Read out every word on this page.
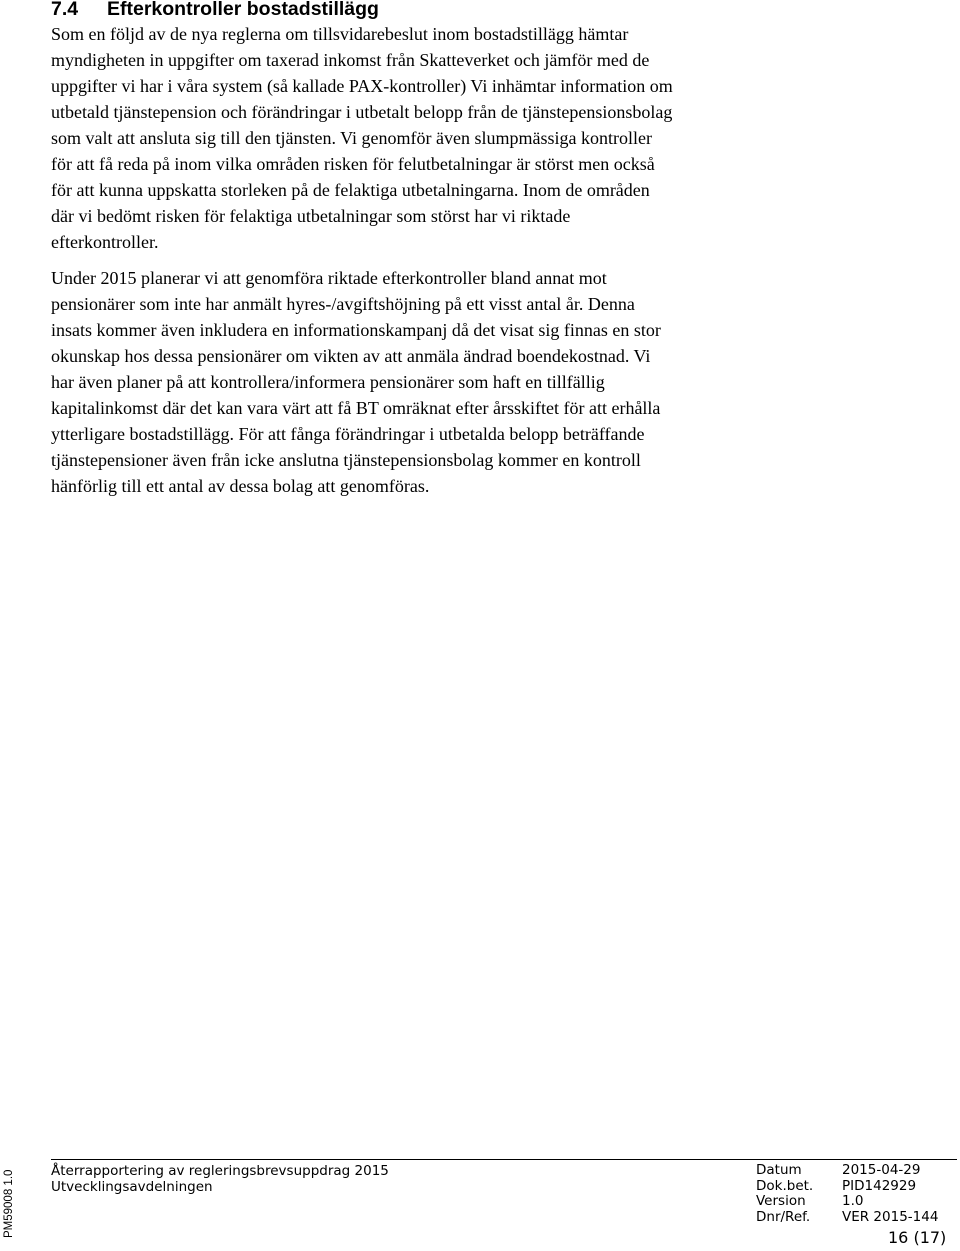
7.4 Efterkontroller bostadstillägg

Som en följd av de nya reglerna om tillsvidarebeslut inom bostadstillägg hämtar
myndigheten in uppgifter om taxerad inkomst från Skatteverket och jämför med de
uppgifter vi har i våra system (så kallade PAX-kontroller) Vi inhämtar information om
utbetald tjänstepension och förändringar i utbetalt belopp från de tjänstepensionsbolag
som valt att ansluta sig till den tjänsten. Vi genomför även slumpmässiga kontroller
för att få reda på inom vilka områden risken för felutbetalningar är störst men också
för att kunna uppskatta storleken på de felaktiga utbetalningarna. Inom de områden
där vi bedömt risken för felaktiga utbetalningar som störst har vi riktade
efterkontroller.

Under 2015 planerar vi att genomföra riktade efterkontroller bland annat mot
pensionärer som inte har anmält hyres-/avgiftshöjning på ett visst antal år. Denna
insats kommer även inkludera en informationskampanj då det visat sig finnas en stor
okunskap hos dessa pensionärer om vikten av att anmäla ändrad boendekostnad. Vi
har även planer på att kontrollera/informera pensionärer som haft en tillfällig
kapitalinkomst där det kan vara värt att få BT omräknat efter årsskiftet för att erhålla
ytterligare bostadstillägg. För att fånga förändringar i utbetalda belopp beträffande
tjänstepensioner även från icke anslutna tjänstepensionsbolag kommer en kontroll
hänförlig till ett antal av dessa bolag att genomföras.

PM59008 1.0	Återrapportering av regleringsbrevsuppdrag 2015
Utvecklingsavdelningen
Datum	2015-04-29
Dok.bet.	PID142929
Version	1.0
Dnr/Ref.	VER 2015-144
16 (17)
